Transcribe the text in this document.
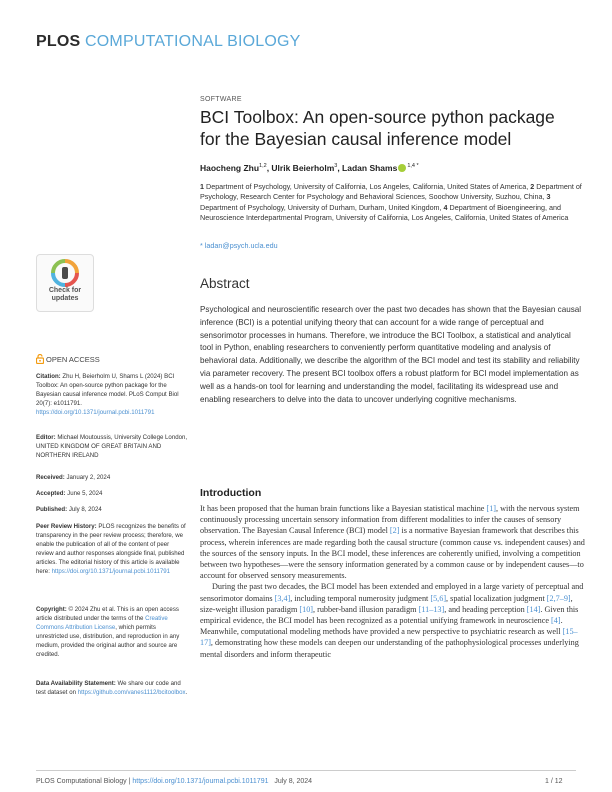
PLOS COMPUTATIONAL BIOLOGY
SOFTWARE
BCI Toolbox: An open-source python package for the Bayesian causal inference model
Haocheng Zhu$^{1,2}$, Ulrik Beierholm$^3$, Ladan Shams $^{1,4 *}$
1 Department of Psychology, University of California, Los Angeles, California, United States of America, 2 Department of Psychology, Research Center for Psychology and Behavioral Sciences, Soochow University, Suzhou, China, 3 Department of Psychology, University of Durham, Durham, United Kingdom, 4 Department of Bioengineering, and Neuroscience Interdepartmental Program, University of California, Los Angeles, California, United States of America
* ladan@psych.ucla.edu
Check for
updates
OPEN ACCESS
Citation: Zhu H, Beierholm U, Shams L (2024) BCI Toolbox: An open-source python package for the Bayesian causal inference model. PLoS Comput Biol 20(7): e1011791. https://doi.org/10.1371/journal.pcbi.1011791
Editor: Michael Moutoussis, University College London, UNITED KINGDOM OF GREAT BRITAIN AND NORTHERN IRELAND
Received: January 2, 2024
Accepted: June 5, 2024
Published: July 8, 2024
Peer Review History: PLOS recognizes the benefits of transparency in the peer review process; therefore, we enable the publication of all of the content of peer review and author responses alongside final, published articles. The editorial history of this article is available here: https://doi.org/10.1371/journal.pcbi.1011791
Copyright: © 2024 Zhu et al. This is an open access article distributed under the terms of the Creative Commons Attribution License, which permits unrestricted use, distribution, and reproduction in any medium, provided the original author and source are credited.
Data Availability Statement: We share our code and test dataset on https://github.com/vanes1112/bcitoolbox.
Abstract
Psychological and neuroscientific research over the past two decades has shown that the Bayesian causal inference (BCI) is a potential unifying theory that can account for a wide range of perceptual and sensorimotor processes in humans. Therefore, we introduce the BCI Toolbox, a statistical and analytical tool in Python, enabling researchers to conveniently perform quantitative modeling and analysis of behavioral data. Additionally, we describe the algorithm of the BCI model and test its stability and reliability via parameter recovery. The present BCI toolbox offers a robust platform for BCI model implementation as well as a hands-on tool for learning and understanding the model, facilitating its widespread use and enabling researchers to delve into the data to uncover underlying cognitive mechanisms.
Introduction

It has been proposed that the human brain functions like a Bayesian statistical machine [1], with the nervous system continuously processing uncertain sensory information from different modalities to infer the causes of sensory observation. The Bayesian Causal Inference (BCI) model [2] is a normative Bayesian framework that describes this process, wherein inferences are made regarding both the causal structure (common cause vs. independent causes) and the sources of the sensory inputs. In the BCI model, these inferences are coherently unified, involving a competition between two hypotheses—were the sensory information generated by a common cause or by independent causes—to account for observed sensory measurements.

During the past two decades, the BCI model has been extended and employed in a large variety of perceptual and sensorimotor domains [3,4], including temporal numerosity judgment [5,6], spatial localization judgment [2,7–9], size-weight illusion paradigm [10], rubber-band illusion paradigm [11–13], and heading perception [14]. Given this empirical evidence, the BCI model has been recognized as a potential unifying framework in neuroscience [4]. Meanwhile, computational modeling methods have provided a new perspective to psychiatric research as well [15–17], demonstrating how these models can deepen our understanding of the pathophysiological processes underlying mental disorders and inform therapeutic

PLOS Computational Biology | https://doi.org/10.1371/journal.pcbi.1011791 July 8, 2024	1 / 12
